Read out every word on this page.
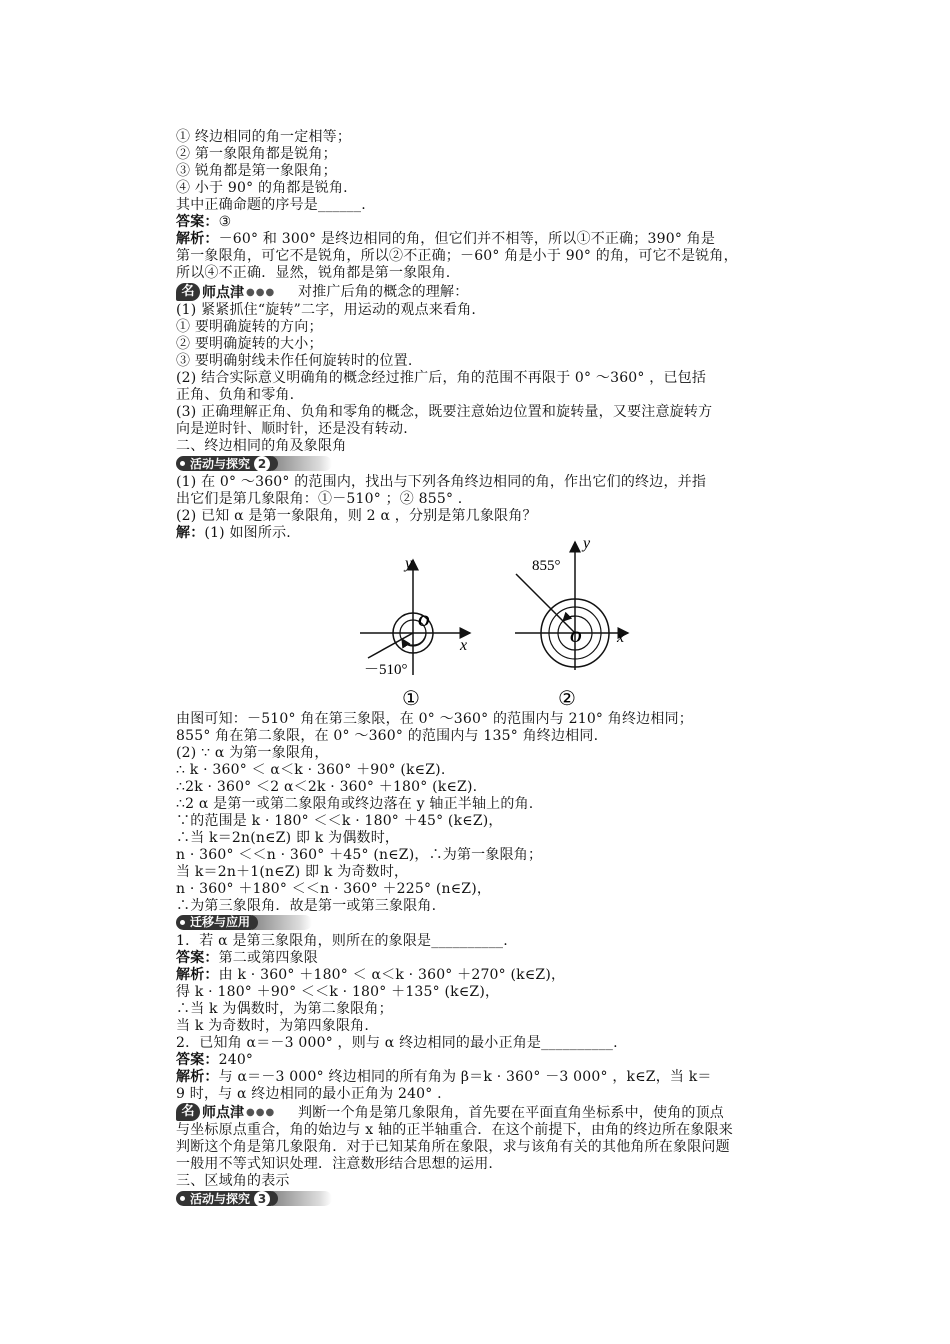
① 终边相同的角一定相等；
② 第一象限角都是锐角；
③ 锐角都是第一象限角；
④ 小于 90° 的角都是锐角.
其中正确命题的序号是______.
答案：③
解析：－60° 和 300° 是终边相同的角，但它们并不相等，所以①不正确；390° 角是
第一象限角，可它不是锐角，所以②不正确；－60° 角是小于 90° 的角，可它不是锐角，
所以④不正确．显然，锐角都是第一象限角.
名 师点津 ●●● 对推广后角的概念的理解：
(1) 紧紧抓住“旋转”二字，用运动的观点来看角.
① 要明确旋转的方向；
② 要明确旋转的大小；
③ 要明确射线未作任何旋转时的位置.
(2) 结合实际意义明确角的概念经过推广后，角的范围不再限于 0° ～360° ，已包括
正角、负角和零角.
(3) 正确理解正角、负角和零角的概念，既要注意始边位置和旋转量，又要注意旋转方
向是逆时针、顺时针，还是没有转动.
二、终边相同的角及象限角
活动与探究 2
(1) 在 0° ～360° 的范围内，找出与下列各角终边相同的角，作出它们的终边，并指
出它们是第几象限角：①－510° ；② 855° .
(2) 已知 α 是第一象限角，则 2 α ，分别是第几象限角？
解：(1) 如图所示.
y
x
O
－510°
①
y
x
O
855°
②
由图可知：－510° 角在第三象限，在 0° ～360° 的范围内与 210° 角终边相同；
855° 角在第二象限，在 0° ～360° 的范围内与 135° 角终边相同.
(2) ∵ α 为第一象限角，
∴ k · 360° ＜ α＜k · 360° ＋90° (k∈Z).
∴2k · 360° ＜2 α＜2k · 360° ＋180° (k∈Z).
∴2 α 是第一或第二象限角或终边落在 y 轴正半轴上的角.
∵的范围是 k · 180° ＜＜k · 180° ＋45° (k∈Z)，
∴当 k＝2n(n∈Z) 即 k 为偶数时，
n · 360° ＜＜n · 360° ＋45° (n∈Z)，∴为第一象限角；
当 k＝2n＋1(n∈Z) 即 k 为奇数时，
n · 360° ＋180° ＜＜n · 360° ＋225° (n∈Z)，
∴为第三象限角．故是第一或第三象限角.
迁移与应用
1．若 α 是第三象限角，则所在的象限是__________.
答案：第二或第四象限
解析：由 k · 360° ＋180° ＜ α＜k · 360° ＋270° (k∈Z)，
得 k · 180° ＋90° ＜＜k · 180° ＋135° (k∈Z)，
∴当 k 为偶数时，为第二象限角；
当 k 为奇数时，为第四象限角.
2．已知角 α＝－3 000° ，则与 α 终边相同的最小正角是__________.
答案：240°
解析：与 α＝－3 000° 终边相同的所有角为 β＝k · 360° －3 000° ，k∈Z，当 k＝
9 时，与 α 终边相同的最小正角为 240° .
名 师点津 ●●● 判断一个角是第几象限角，首先要在平面直角坐标系中，使角的顶点
与坐标原点重合，角的始边与 x 轴的正半轴重合．在这个前提下，由角的终边所在象限来
判断这个角是第几象限角．对于已知某角所在象限，求与该角有关的其他角所在象限问题
一般用不等式知识处理．注意数形结合思想的运用.
三、区域角的表示
活动与探究 3
